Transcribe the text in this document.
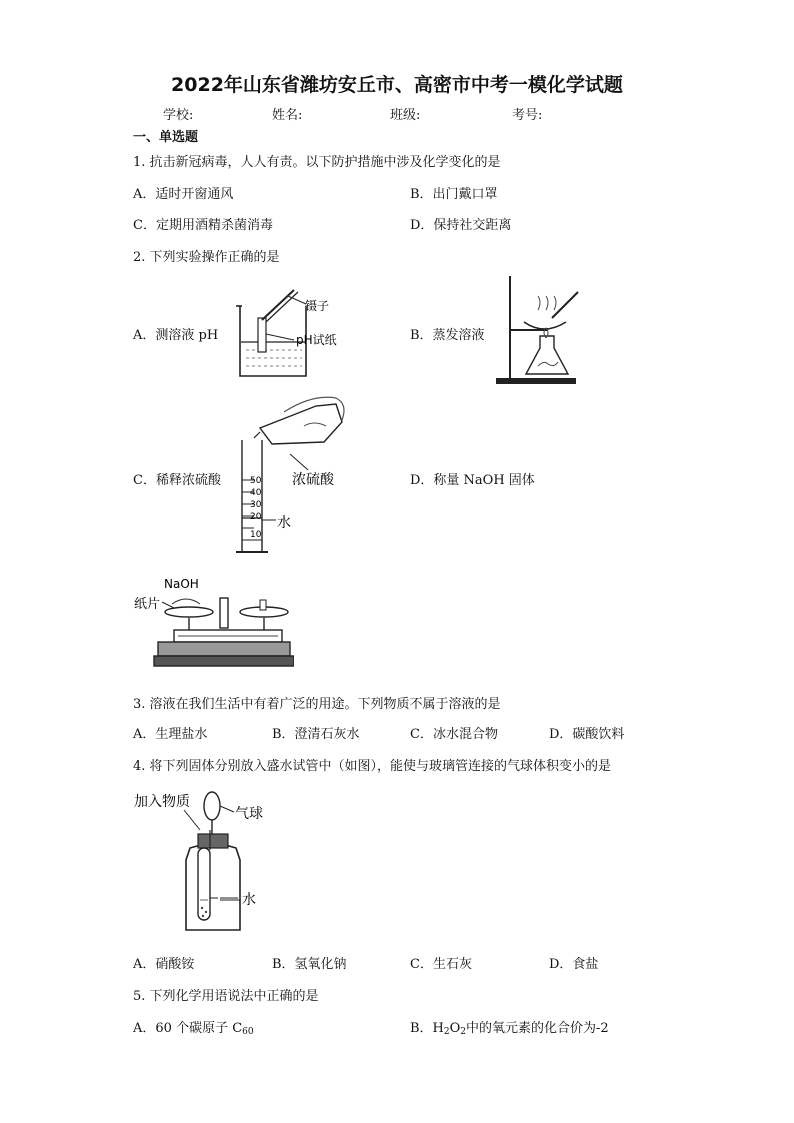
2022年山东省潍坊安丘市、高密市中考一模化学试题
学校:	姓名:	班级:	考号:
一、单选题
1. 抗击新冠病毒，人人有责。以下防护措施中涉及化学变化的是
A．适时开窗通风	B．出门戴口罩
C．定期用酒精杀菌消毒	D．保持社交距离
2. 下列实验操作正确的是
A．测溶液 pH	B．蒸发溶液
C．稀释浓硫酸	D．称量 NaOH 固体
镊子
pH试纸
50
40
30
20
10
浓硫酸
水
NaOH
纸片
3. 溶液在我们生活中有着广泛的用途。下列物质不属于溶液的是
A．生理盐水	B．澄清石灰水	C．冰水混合物	D．碳酸饮料
4. 将下列固体分别放入盛水试管中（如图），能使与玻璃管连接的气球体积变小的是
加入物质
气球
水
A．硝酸铵	B．氢氧化钠	C．生石灰	D．食盐
5. 下列化学用语说法中正确的是
A．60 个碳原子 $C_{60}$	B．$H_2O_2$中的氧元素的化合价为-2
